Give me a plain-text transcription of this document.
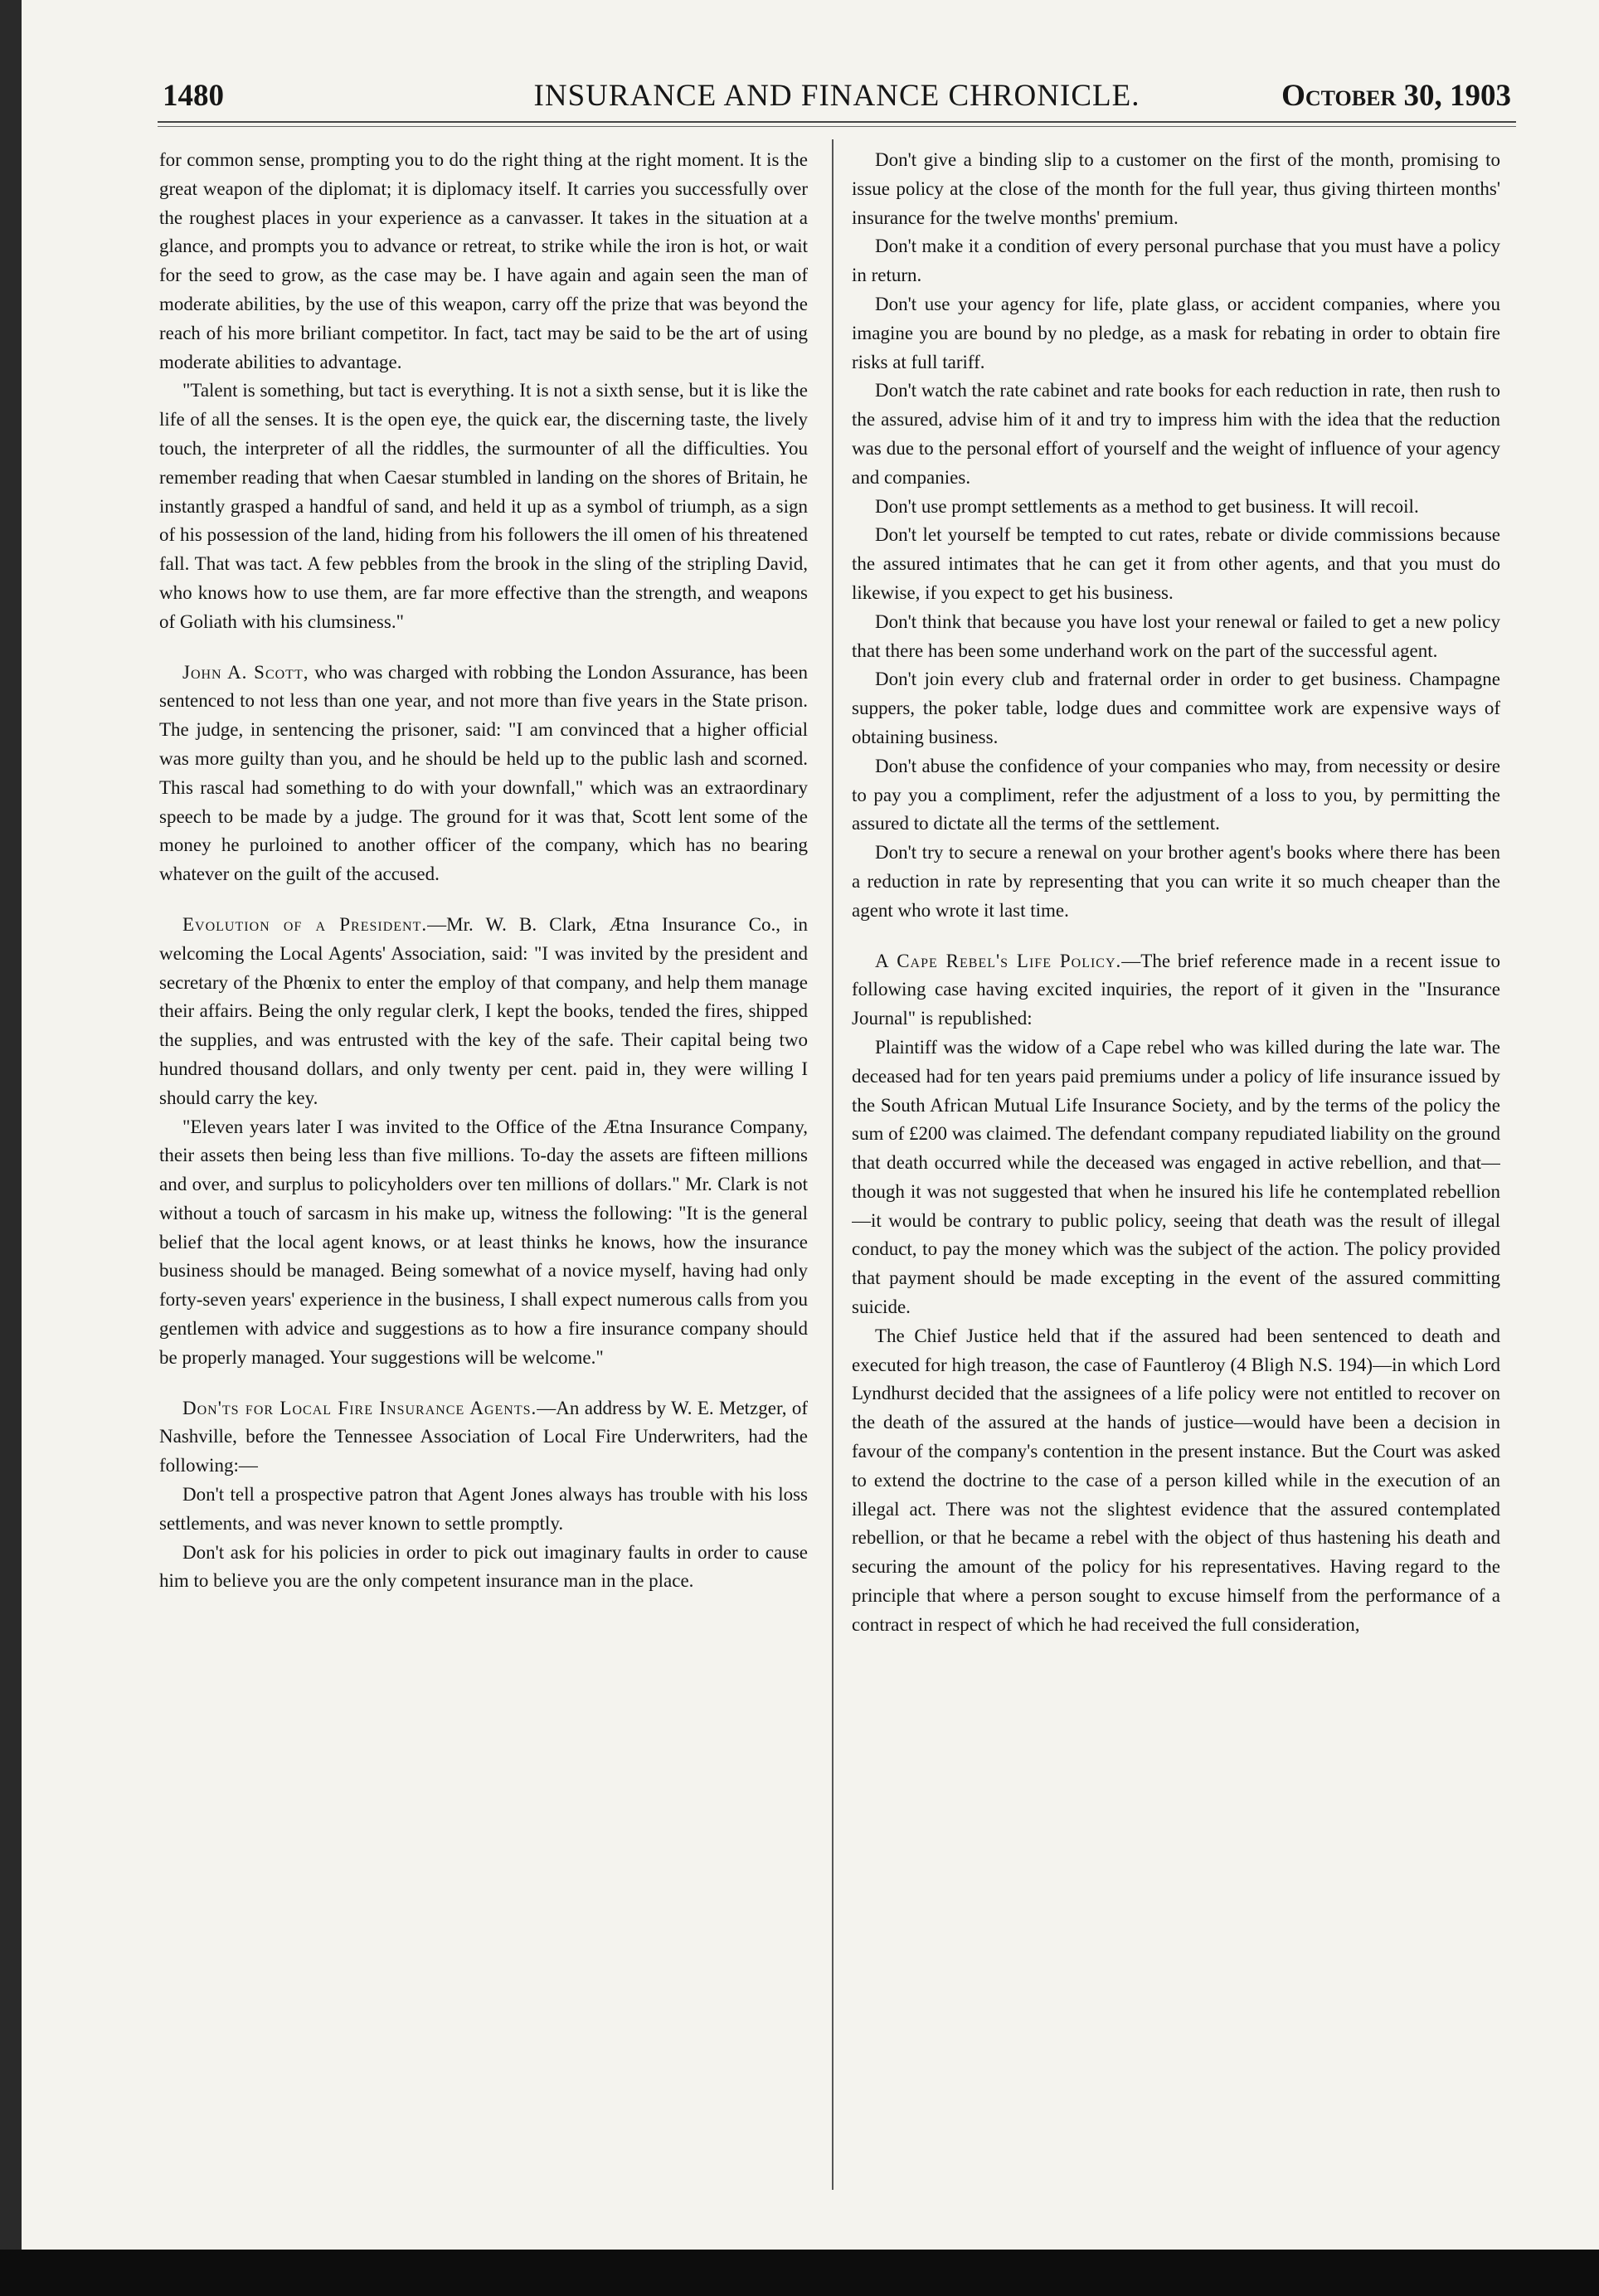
1480	INSURANCE AND FINANCE CHRONICLE.	October 30, 1903

for common sense, prompting you to do the right thing at the right moment. It is the great weapon of the diplomat; it is diplomacy itself. It carries you successfully over the roughest places in your experience as a canvasser. It takes in the situation at a glance, and prompts you to advance or retreat, to strike while the iron is hot, or wait for the seed to grow, as the case may be. I have again and again seen the man of moderate abilities, by the use of this weapon, carry off the prize that was beyond the reach of his more briliant competitor. In fact, tact may be said to be the art of using moderate abilities to advantage.

"Talent is something, but tact is everything. It is not a sixth sense, but it is like the life of all the senses. It is the open eye, the quick ear, the discerning taste, the lively touch, the interpreter of all the riddles, the surmounter of all the difficulties. You remember reading that when Caesar stumbled in landing on the shores of Britain, he instantly grasped a handful of sand, and held it up as a symbol of triumph, as a sign of his possession of the land, hiding from his followers the ill omen of his threatened fall. That was tact. A few pebbles from the brook in the sling of the stripling David, who knows how to use them, are far more effective than the strength, and weapons of Goliath with his clumsiness."

John A. Scott, who was charged with robbing the London Assurance, has been sentenced to not less than one year, and not more than five years in the State prison. The judge, in sentencing the prisoner, said: "I am convinced that a higher official was more guilty than you, and he should be held up to the public lash and scorned. This rascal had something to do with your downfall," which was an extraordinary speech to be made by a judge. The ground for it was that, Scott lent some of the money he purloined to another officer of the company, which has no bearing whatever on the guilt of the accused.

Evolution of a President.—Mr. W. B. Clark, Ætna Insurance Co., in welcoming the Local Agents' Association, said: "I was invited by the president and secretary of the Phœnix to enter the employ of that company, and help them manage their affairs. Being the only regular clerk, I kept the books, tended the fires, shipped the supplies, and was entrusted with the key of the safe. Their capital being two hundred thousand dollars, and only twenty per cent. paid in, they were willing I should carry the key.

"Eleven years later I was invited to the Office of the Ætna Insurance Company, their assets then being less than five millions. To-day the assets are fifteen millions and over, and surplus to policyholders over ten millions of dollars." Mr. Clark is not without a touch of sarcasm in his make up, witness the following: "It is the general belief that the local agent knows, or at least thinks he knows, how the insurance business should be managed. Being somewhat of a novice myself, having had only forty-seven years' experience in the business, I shall expect numerous calls from you gentlemen with advice and suggestions as to how a fire insurance company should be properly managed. Your suggestions will be welcome."

Don'ts for Local Fire Insurance Agents.—An address by W. E. Metzger, of Nashville, before the Tennessee Association of Local Fire Underwriters, had the following:—

Don't tell a prospective patron that Agent Jones always has trouble with his loss settlements, and was never known to settle promptly.

Don't ask for his policies in order to pick out imaginary faults in order to cause him to believe you are the only competent insurance man in the place.

Don't give a binding slip to a customer on the first of the month, promising to issue policy at the close of the month for the full year, thus giving thirteen months' insurance for the twelve months' premium.

Don't make it a condition of every personal purchase that you must have a policy in return.

Don't use your agency for life, plate glass, or accident companies, where you imagine you are bound by no pledge, as a mask for rebating in order to obtain fire risks at full tariff.

Don't watch the rate cabinet and rate books for each reduction in rate, then rush to the assured, advise him of it and try to impress him with the idea that the reduction was due to the personal effort of yourself and the weight of influence of your agency and companies.

Don't use prompt settlements as a method to get business. It will recoil.

Don't let yourself be tempted to cut rates, rebate or divide commissions because the assured intimates that he can get it from other agents, and that you must do likewise, if you expect to get his business.

Don't think that because you have lost your renewal or failed to get a new policy that there has been some underhand work on the part of the successful agent.

Don't join every club and fraternal order in order to get business. Champagne suppers, the poker table, lodge dues and committee work are expensive ways of obtaining business.

Don't abuse the confidence of your companies who may, from necessity or desire to pay you a compliment, refer the adjustment of a loss to you, by permitting the assured to dictate all the terms of the settlement.

Don't try to secure a renewal on your brother agent's books where there has been a reduction in rate by representing that you can write it so much cheaper than the agent who wrote it last time.

A Cape Rebel's Life Policy.—The brief reference made in a recent issue to following case having excited inquiries, the report of it given in the "Insurance Journal" is republished:

Plaintiff was the widow of a Cape rebel who was killed during the late war. The deceased had for ten years paid premiums under a policy of life insurance issued by the South African Mutual Life Insurance Society, and by the terms of the policy the sum of £200 was claimed. The defendant company repudiated liability on the ground that death occurred while the deceased was engaged in active rebellion, and that—though it was not suggested that when he insured his life he contemplated rebellion—it would be contrary to public policy, seeing that death was the result of illegal conduct, to pay the money which was the subject of the action. The policy provided that payment should be made excepting in the event of the assured committing suicide.

The Chief Justice held that if the assured had been sentenced to death and executed for high treason, the case of Fauntleroy (4 Bligh N.S. 194)—in which Lord Lyndhurst decided that the assignees of a life policy were not entitled to recover on the death of the assured at the hands of justice—would have been a decision in favour of the company's contention in the present instance. But the Court was asked to extend the doctrine to the case of a person killed while in the execution of an illegal act. There was not the slightest evidence that the assured contemplated rebellion, or that he became a rebel with the object of thus hastening his death and securing the amount of the policy for his representatives. Having regard to the principle that where a person sought to excuse himself from the performance of a contract in respect of which he had received the full consideration,
